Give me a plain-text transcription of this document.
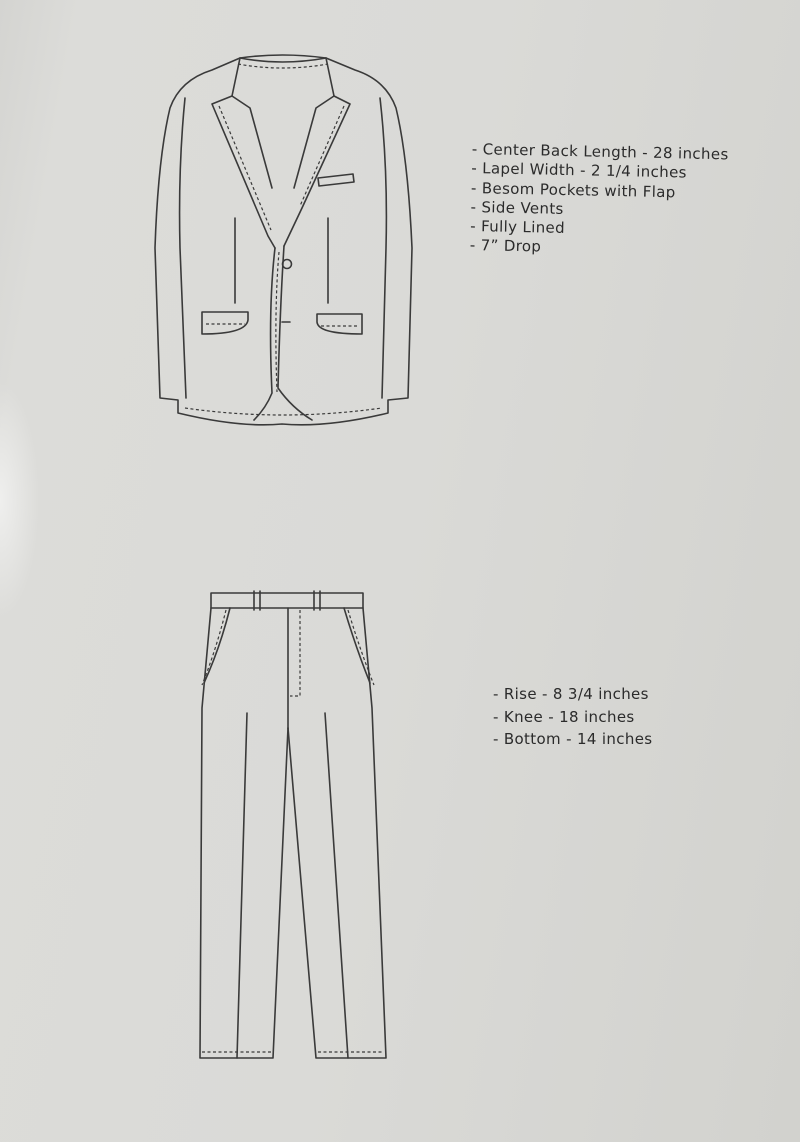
- Center Back Length - 28 inches
- Lapel Width - 2 1/4 inches
- Besom Pockets with Flap
- Side Vents
- Fully Lined
- 7” Drop
- Rise - 8 3/4 inches
- Knee - 18 inches
- Bottom - 14 inches
